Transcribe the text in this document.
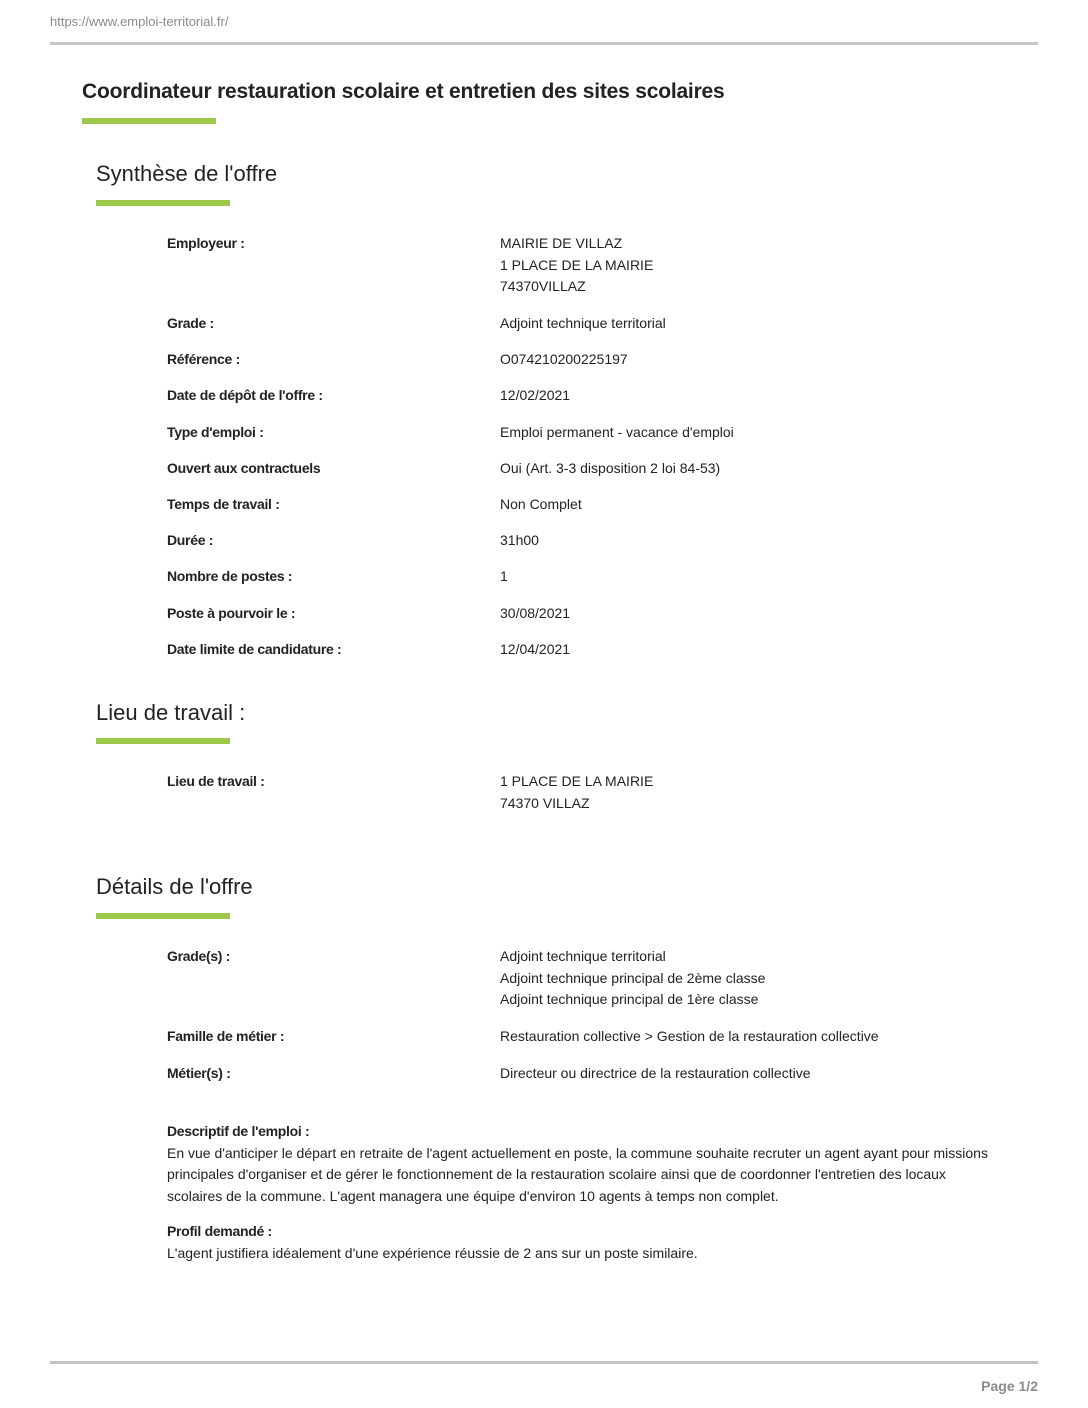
https://www.emploi-territorial.fr/
Coordinateur restauration scolaire et entretien des sites scolaires
Synthèse de l'offre
Employeur :	MAIRIE DE VILLAZ
1 PLACE DE LA MAIRIE
74370VILLAZ
Grade :	Adjoint technique territorial
Référence :	O074210200225197
Date de dépôt de l'offre :	12/02/2021
Type d'emploi :	Emploi permanent - vacance d'emploi
Ouvert aux contractuels	Oui (Art. 3-3 disposition 2 loi 84-53)
Temps de travail :	Non Complet
Durée :	31h00
Nombre de postes :	1
Poste à pourvoir le :	30/08/2021
Date limite de candidature :	12/04/2021
Lieu de travail :
Lieu de travail :	1 PLACE DE LA MAIRIE
74370 VILLAZ
Détails de l'offre
Grade(s) :	Adjoint technique territorial
Adjoint technique principal de 2ème classe
Adjoint technique principal de 1ère classe
Famille de métier :	Restauration collective > Gestion de la restauration collective
Métier(s) :	Directeur ou directrice de la restauration collective
Descriptif de l'emploi :
En vue d'anticiper le départ en retraite de l'agent actuellement en poste, la commune souhaite recruter un agent ayant pour missions
principales d'organiser et de gérer le fonctionnement de la restauration scolaire ainsi que de coordonner l'entretien des locaux
scolaires de la commune. L'agent managera une équipe d'environ 10 agents à temps non complet.
Profil demandé :
L'agent justifiera idéalement d'une expérience réussie de 2 ans sur un poste similaire.
Page 1/2
